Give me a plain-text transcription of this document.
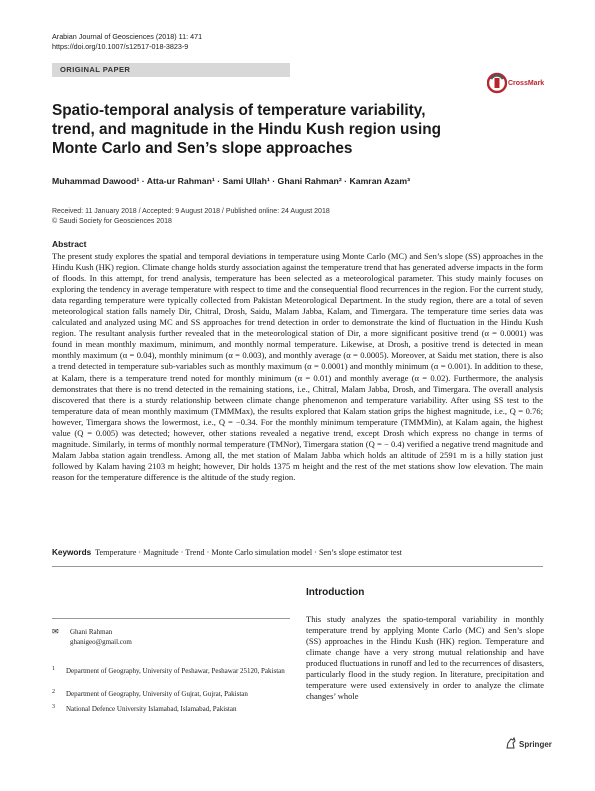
Arabian Journal of Geosciences (2018) 11: 471
https://doi.org/10.1007/s12517-018-3823-9
ORIGINAL PAPER
CrossMark
Spatio-temporal analysis of temperature variability, trend, and magnitude in the Hindu Kush region using Monte Carlo and Sen’s slope approaches
Muhammad Dawood¹ · Atta-ur Rahman¹ · Sami Ullah¹ · Ghani Rahman² · Kamran Azam³
Received: 11 January 2018 / Accepted: 9 August 2018 / Published online: 24 August 2018
© Saudi Society for Geosciences 2018
Abstract
The present study explores the spatial and temporal deviations in temperature using Monte Carlo (MC) and Sen’s slope (SS) approaches in the Hindu Kush (HK) region. Climate change holds sturdy association against the temperature trend that has generated adverse impacts in the form of floods. In this attempt, for trend analysis, temperature has been selected as a meteorological parameter. This study mainly focuses on exploring the tendency in average temperature with respect to time and the consequential flood recurrences in the region. For the current study, data regarding temperature were typically collected from Pakistan Meteorological Department. In the study region, there are a total of seven meteorological station falls namely Dir, Chitral, Drosh, Saidu, Malam Jabba, Kalam, and Timergara. The temperature time series data was calculated and analyzed using MC and SS approaches for trend detection in order to demonstrate the kind of fluctuation in the Hindu Kush region. The resultant analysis further revealed that in the meteorological station of Dir, a more significant positive trend (α = 0.0001) was found in mean monthly maximum, minimum, and monthly normal temperature. Likewise, at Drosh, a positive trend is detected in mean monthly maximum (α = 0.04), monthly minimum (α = 0.003), and monthly average (α = 0.0005). Moreover, at Saidu met station, there is also a trend detected in temperature sub-variables such as monthly maximum (α = 0.0001) and monthly minimum (α = 0.001). In addition to these, at Kalam, there is a temperature trend noted for monthly minimum (α = 0.01) and monthly average (α = 0.02). Furthermore, the analysis demonstrates that there is no trend detected in the remaining stations, i.e., Chitral, Malam Jabba, Drosh, and Timergara. The overall analysis discovered that there is a sturdy relationship between climate change phenomenon and temperature variability. After using SS test to the temperature data of mean monthly maximum (TMMMax), the results explored that Kalam station grips the highest magnitude, i.e., Q = 0.76; however, Timergara shows the lowermost, i.e., Q = −0.34. For the monthly minimum temperature (TMMMin), at Kalam again, the highest value (Q = 0.005) was detected; however, other stations revealed a negative trend, except Drosh which express no change in terms of magnitude. Similarly, in terms of monthly normal temperature (TMNor), Timergara station (Q = − 0.4) verified a negative trend magnitude and Malam Jabba station again trendless. Among all, the met station of Malam Jabba which holds an altitude of 2591 m is a hilly station just followed by Kalam having 2103 m height; however, Dir holds 1375 m height and the rest of the met stations show low elevation. The main reason for the temperature difference is the altitude of the study region.
Keywords Temperature · Magnitude · Trend · Monte Carlo simulation model · Sen’s slope estimator test
Introduction
This study analyzes the spatio-temporal variability in monthly temperature trend by applying Monte Carlo (MC) and Sen’s slope (SS) approaches in the Hindu Kush (HK) region. Temperature and climate change have a very strong mutual relationship and have produced fluctuations in runoff and led to the recurrences of disasters, particularly flood in the study region. In literature, precipitation and temperature were used extensively in order to analyze the climate changes’ whole
✉ Ghani Rahman
ghanigeo@gmail.com
1 Department of Geography, University of Peshawar, Peshawar 25120, Pakistan
2 Department of Geography, University of Gujrat, Gujrat, Pakistan
3 National Defence University Islamabad, Islamabad, Pakistan
Springer
